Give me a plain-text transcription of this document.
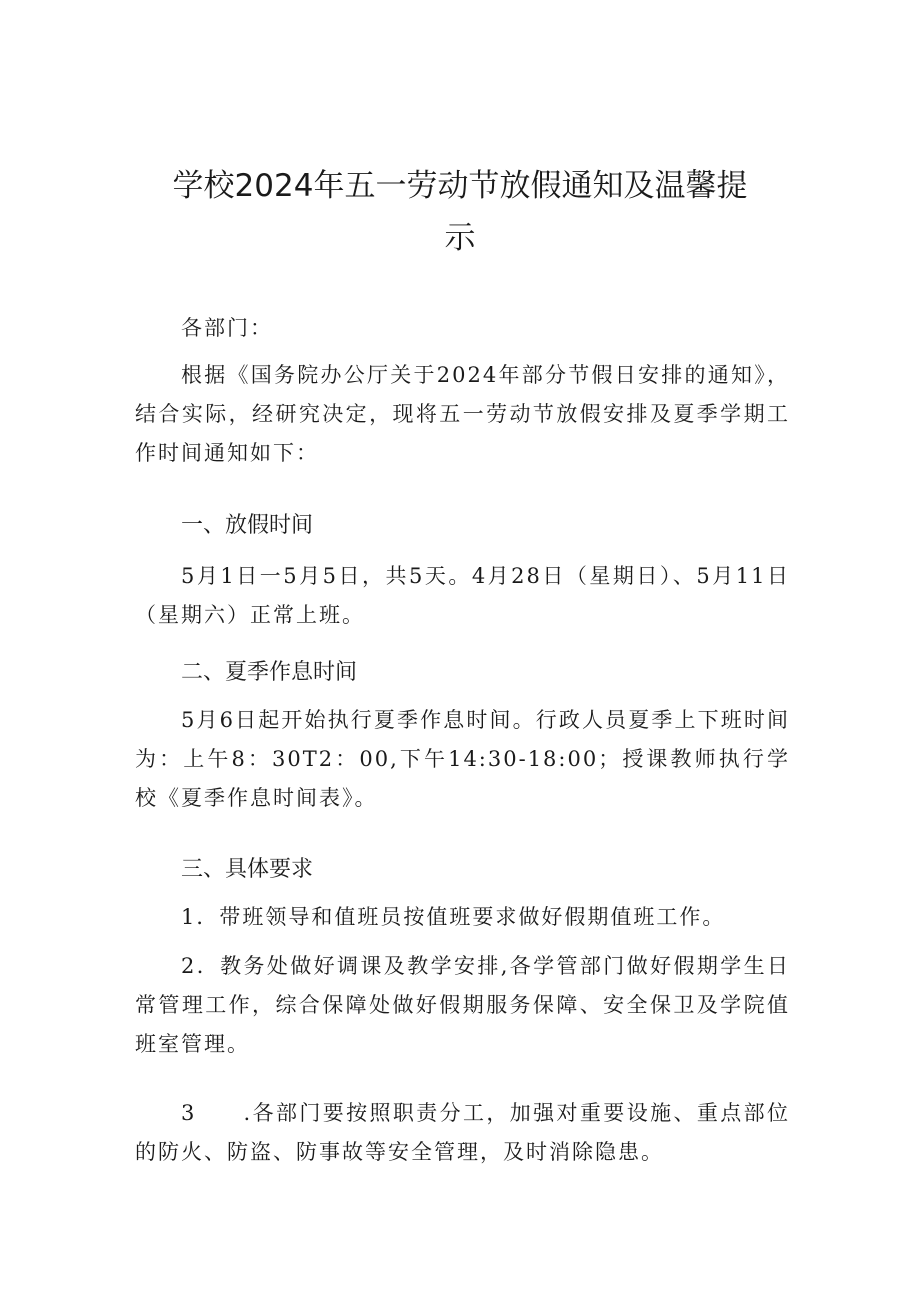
学校2024年五一劳动节放假通知及温馨提
示

各部门：

根据《国务院办公厅关于2024年部分节假日安排的通知》，结合实际，经研究决定，现将五一劳动节放假安排及夏季学期工作时间通知如下：

一、放假时间

5月1日一5月5日，共5天。4月28日（星期日）、5月11日（星期六）正常上班。

二、夏季作息时间

5月6日起开始执行夏季作息时间。行政人员夏季上下班时间为：上午8：30T2：00,下午14:30-18:00；授课教师执行学校《夏季作息时间表》。

三、具体要求

1．带班领导和值班员按值班要求做好假期值班工作。

2．教务处做好调课及教学安排,各学管部门做好假期学生日常管理工作，综合保障处做好假期服务保障、安全保卫及学院值班室管理。

3　　.各部门要按照职责分工，加强对重要设施、重点部位的防火、防盗、防事故等安全管理，及时消除隐患。
